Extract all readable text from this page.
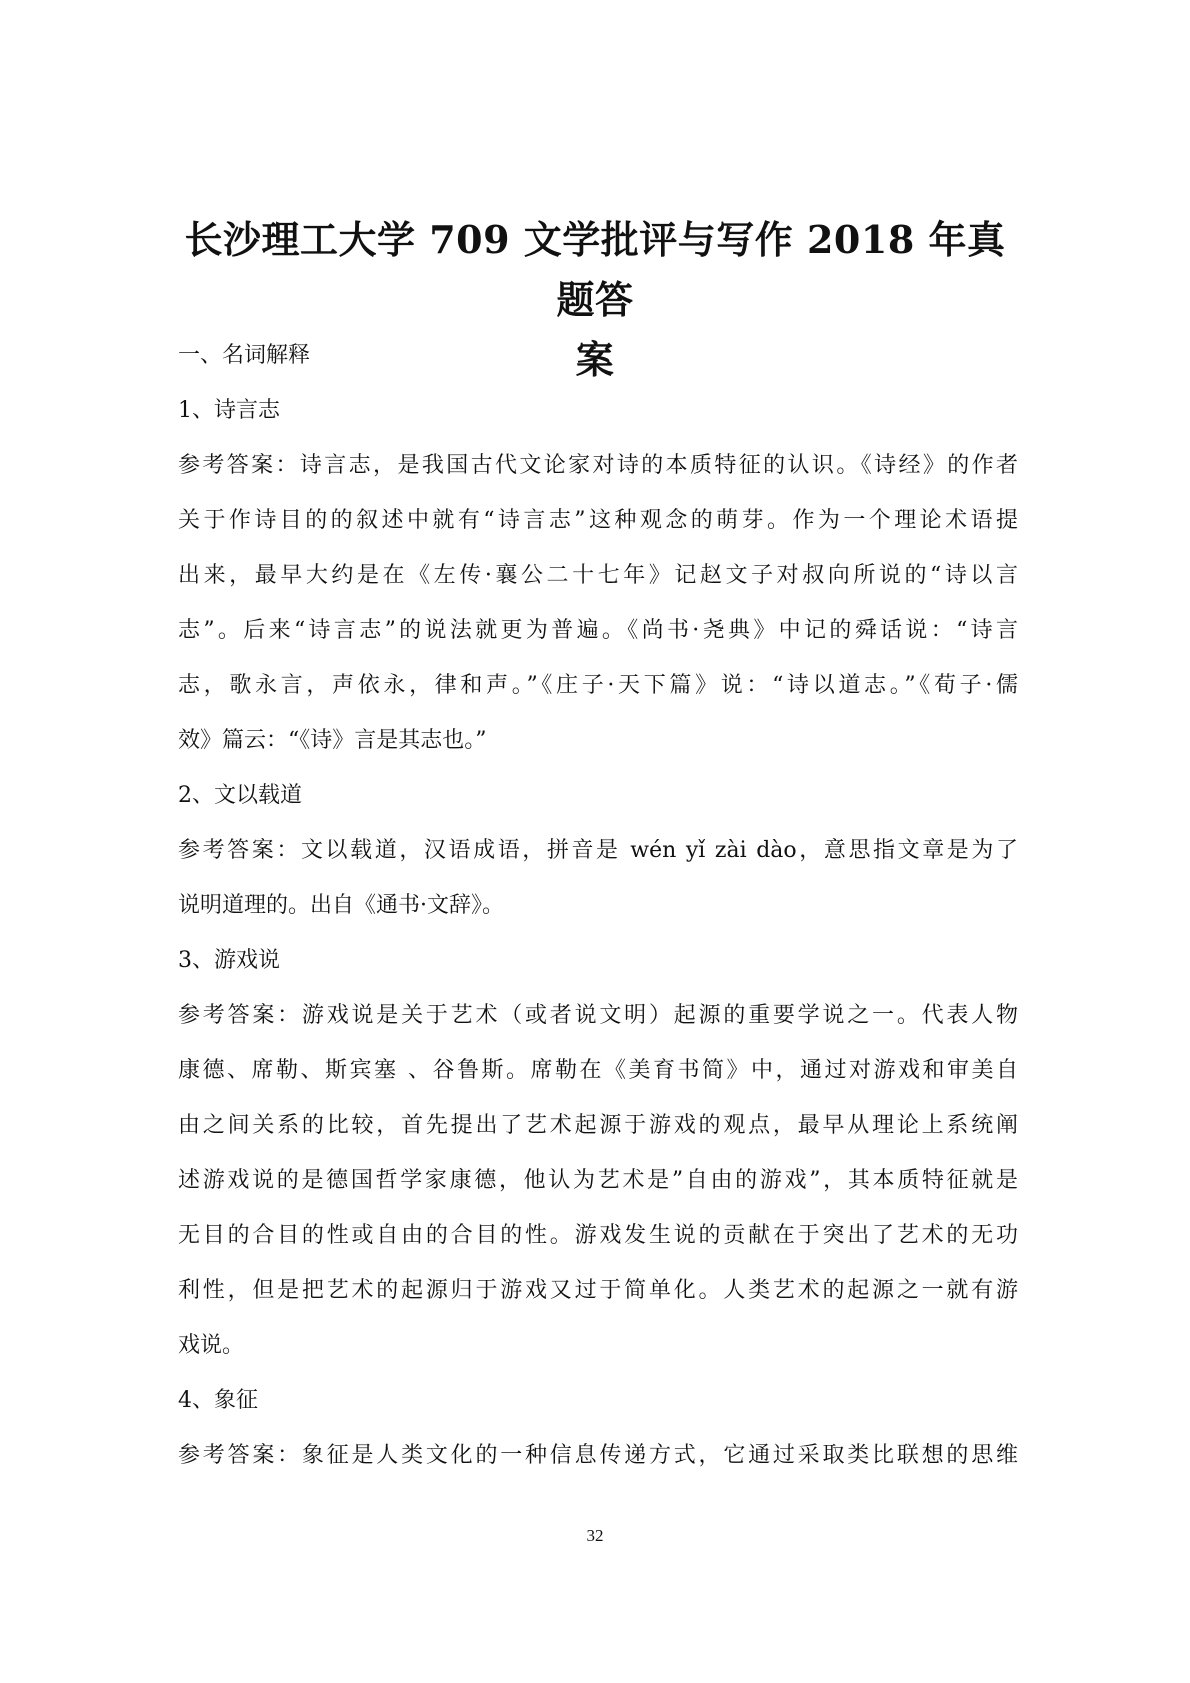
长沙理工大学 709 文学批评与写作 2018 年真题答
案
一、名词解释
1、诗言志
参考答案：诗言志，是我国古代文论家对诗的本质特征的认识。《诗经》的作者
关于作诗目的的叙述中就有“诗言志”这种观念的萌芽。作为一个理论术语提
出来，最早大约是在《左传·襄公二十七年》记赵文子对叔向所说的“诗以言
志”。后来“诗言志”的说法就更为普遍。《尚书·尧典》中记的舜话说：“诗言
志，歌永言，声依永，律和声。”《庄子·天下篇》说：“诗以道志。”《荀子·儒
效》篇云：“《诗》言是其志也。”
2、文以载道
参考答案：文以载道，汉语成语，拼音是 wén yǐ zài dào，意思指文章是为了
说明道理的。出自《通书·文辞》。
3、游戏说
参考答案：游戏说是关于艺术（或者说文明）起源的重要学说之一。代表人物
康德、席勒、斯宾塞 、谷鲁斯。席勒在《美育书简》中，通过对游戏和审美自
由之间关系的比较，首先提出了艺术起源于游戏的观点，最早从理论上系统阐
述游戏说的是德国哲学家康德，他认为艺术是”自由的游戏”，其本质特征就是
无目的合目的性或自由的合目的性。游戏发生说的贡献在于突出了艺术的无功
利性，但是把艺术的起源归于游戏又过于简单化。人类艺术的起源之一就有游
戏说。
4、象征
参考答案：象征是人类文化的一种信息传递方式，它通过采取类比联想的思维
32
